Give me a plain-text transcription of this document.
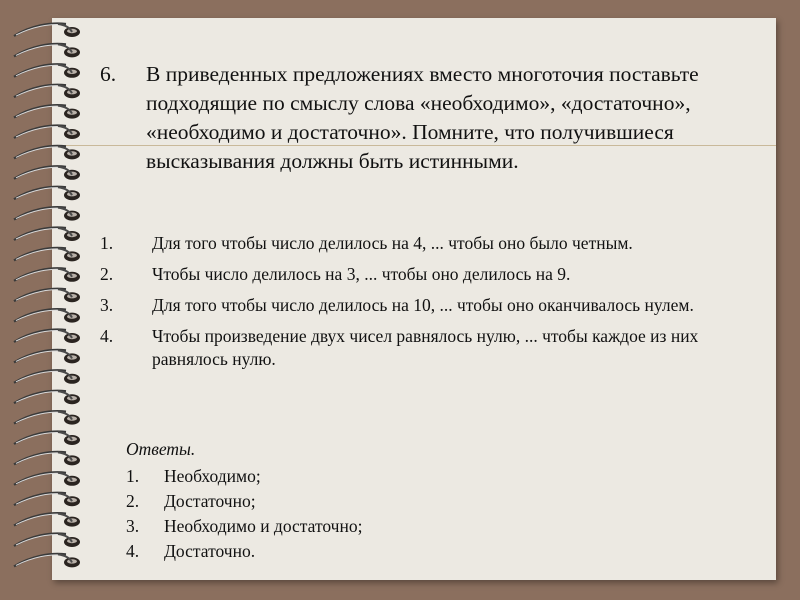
6. В приведенных предложениях вместо многоточия поставьте подходящие по смыслу слова «необходимо», «достаточно», «необходимо и достаточно». Помните, что получившиеся высказывания должны быть истинными.
1. Для того чтобы число делилось на 4, ... чтобы оно было четным.
2. Чтобы число делилось на 3, ... чтобы оно делилось на 9.
3. Для того чтобы число делилось на 10, ... чтобы оно оканчивалось нулем.
4. Чтобы произведение двух чисел равнялось нулю, ... чтобы каждое из них равнялось нулю.
Ответы.
1. Необходимо;
2. Достаточно;
3. Необходимо и достаточно;
4. Достаточно.
